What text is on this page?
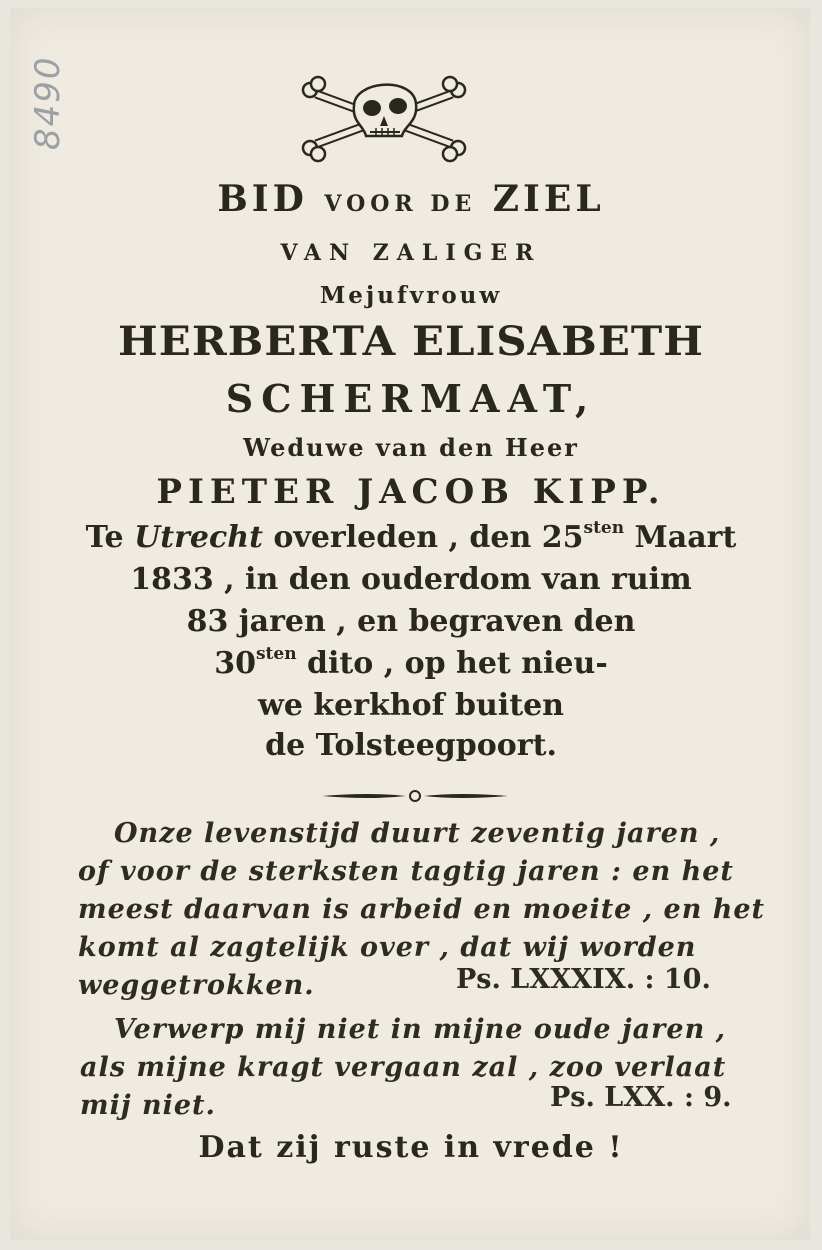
8490
BID VOOR DE ZIEL
VAN ZALIGER
Mejufvrouw
HERBERTA ELISABETH
SCHERMAAT,
Weduwe van den Heer
PIETER JACOB KIPP.
Te Utrecht overleden , den $25^{sten}$ Maart
1833 , in den ouderdom van ruim
83 jaren , en begraven den
$30^{sten}$ dito , op het nieu-
we kerkhof buiten
de Tolsteegpoort.
Onze levenstijd duurt zeventig jaren ,
of voor de sterksten tagtig jaren : en het
meest daarvan is arbeid en moeite , en het
komt al zagtelijk over , dat wij worden
weggetrokken.	Ps. LXXXIX. : 10.
Verwerp mij niet in mijne oude jaren ,
als mijne kragt vergaan zal , zoo verlaat
mij niet.	Ps. LXX. : 9.
Dat zij ruste in vrede !
